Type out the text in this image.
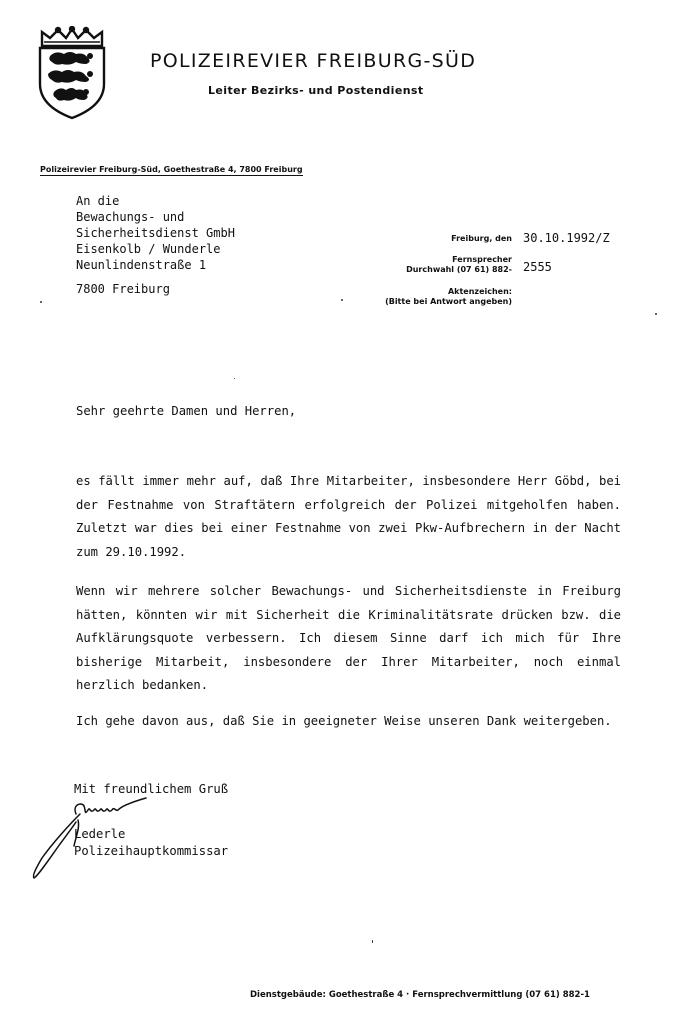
POLIZEIREVIER FREIBURG-SÜD
Leiter Bezirks- und Postendienst
Polizeirevier Freiburg-Süd, Goethestraße 4, 7800 Freiburg
An die
Bewachungs- und
Sicherheitsdienst GmbH
Eisenkolb / Wunderle
Neunlindenstraße 1
7800 Freiburg
Freiburg, den 30.10.1992/Z
Fernsprecher
Durchwahl (07 61) 882- 2555
Aktenzeichen:
(Bitte bei Antwort angeben)
Sehr geehrte Damen und Herren,
es fällt immer mehr auf, daß Ihre Mitarbeiter, insbesondere Herr Göbd, bei
der Festnahme von Straftätern erfolgreich der Polizei mitgeholfen haben.
Zuletzt war dies bei einer Festnahme von zwei Pkw-Aufbrechern in der Nacht
zum 29.10.1992.
Wenn wir mehrere solcher Bewachungs- und Sicherheitsdienste in Freiburg
hätten, könnten wir mit Sicherheit die Kriminalitätsrate drücken bzw. die
Aufklärungsquote verbessern. Ich diesem Sinne darf ich mich für Ihre
bisherige Mitarbeit, insbesondere der Ihrer Mitarbeiter, noch einmal
herzlich bedanken.
Ich gehe davon aus, daß Sie in geeigneter Weise unseren Dank weitergeben.
Mit freundlichem Gruß
Lederle
Polizeihauptkommissar
Dienstgebäude: Goethestraße 4 · Fernsprechvermittlung (07 61) 882-1
